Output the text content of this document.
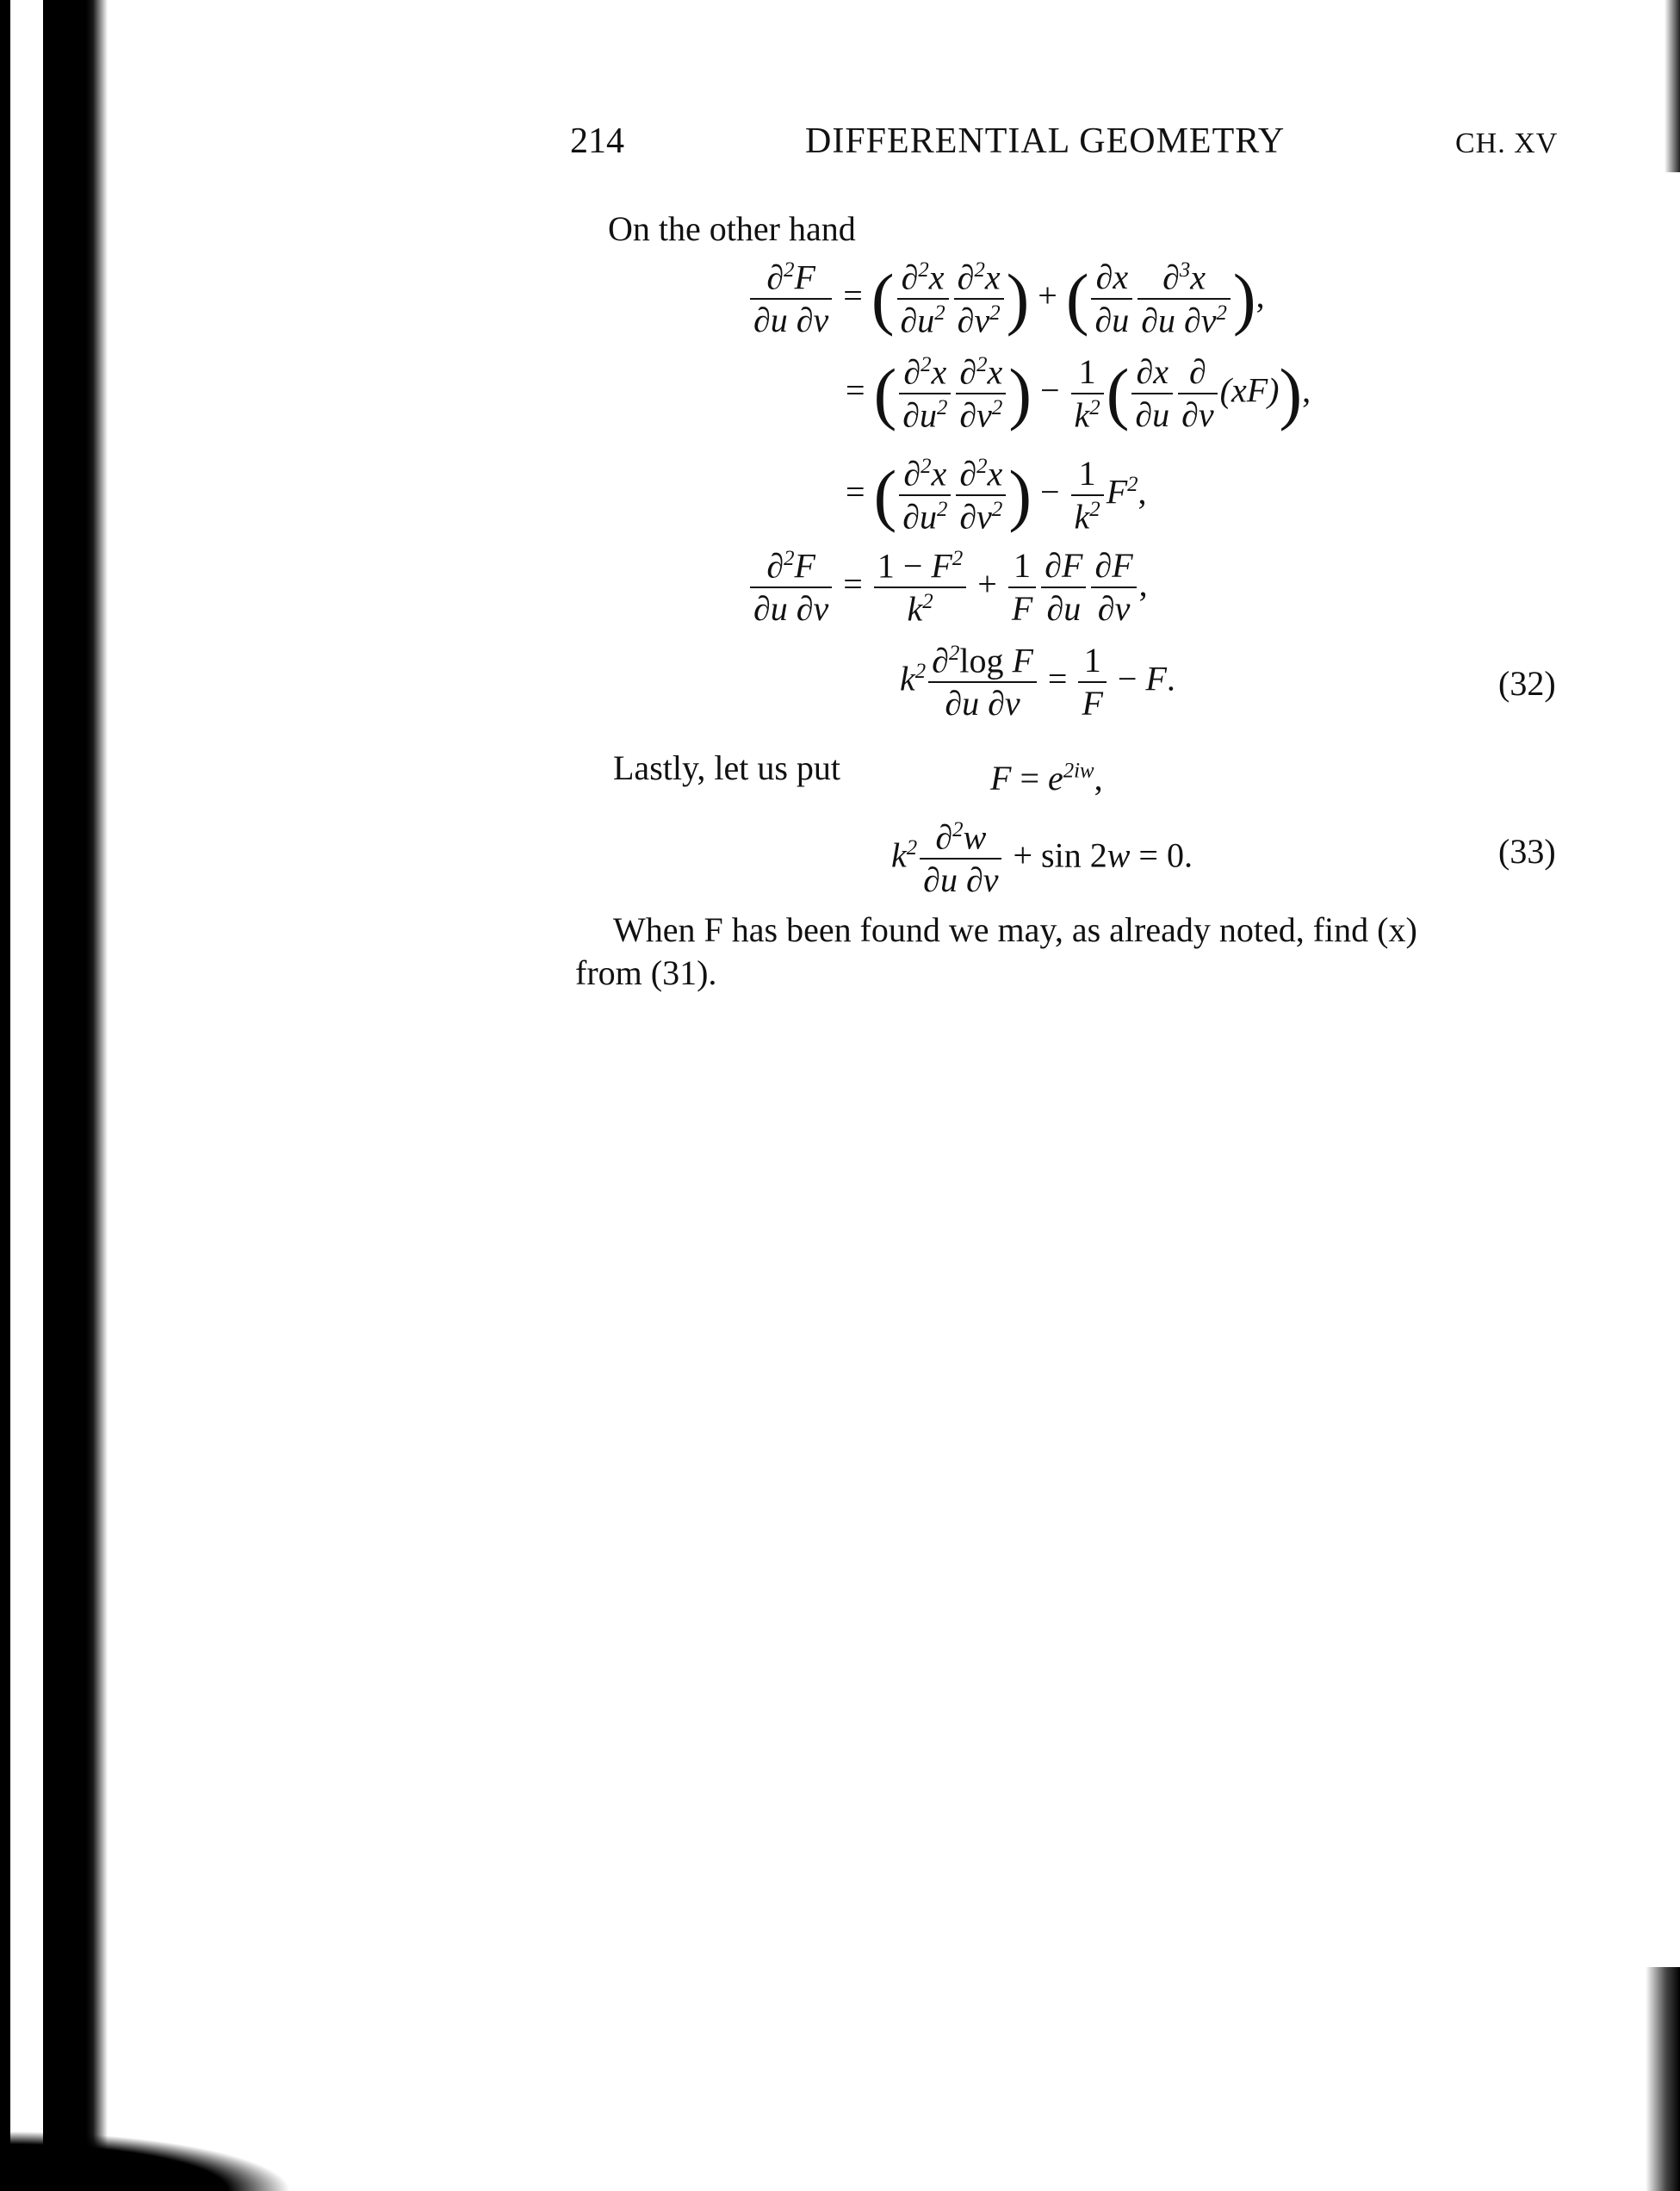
214	DIFFERENTIAL GEOMETRY	CH. XV
On the other hand
$\frac{\partial^2F}{\partial u \partial v}$ = ( $\frac{\partial^2x}{\partial u^2} \frac{\partial^2x}{\partial v^2}$ ) + ( $\frac{\partial x}{\partial u} \frac{\partial^3x}{\partial u \partial v^2}$ ),
= ( $\frac{\partial^2x}{\partial u^2} \frac{\partial^2x}{\partial v^2}$ ) − $\frac{1}{k^2}$ ( $\frac{\partial x}{\partial u} \frac{\partial}{\partial v} (xF)$),
= ( $\frac{\partial^2x}{\partial u^2} \frac{\partial^2x}{\partial v^2}$ ) − $\frac{1}{k^2} F^2$,
$\frac{\partial^2F}{\partial u \partial v} = \frac{1 - F^2}{k^2} + \frac{1}{F} \frac{\partial F}{\partial u} \frac{\partial F}{\partial v}$ ,
$k^2 \frac{\partial^2\log F}{\partial u \partial v} = \frac{1}{F} - F$.	(32)
Lastly, let us put	$F = e^{2iw}$,
$k^2 \frac{\partial^2w}{\partial u \partial v} + \sin 2w = 0$.	(33)
When F has been found we may, as already noted, find (x)
from (31).
